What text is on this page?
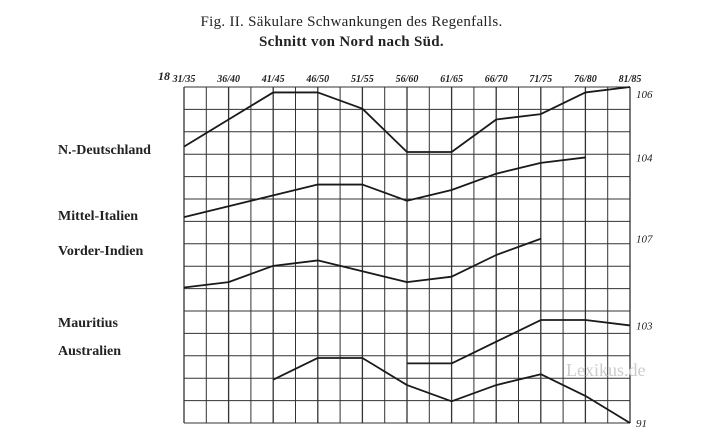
Fig. II. Säkulare Schwankungen des Regenfalls.
Schnitt von Nord nach Süd.
N.-Deutschland
Mittel-Italien
Vorder-Indien
Mauritius
Australien
31/35 36/40 41/45 46/50 51/55 56/60 61/65 66/70 71/75 76/80 81/85
18
106
104
107
103
91
Lexikus.de
